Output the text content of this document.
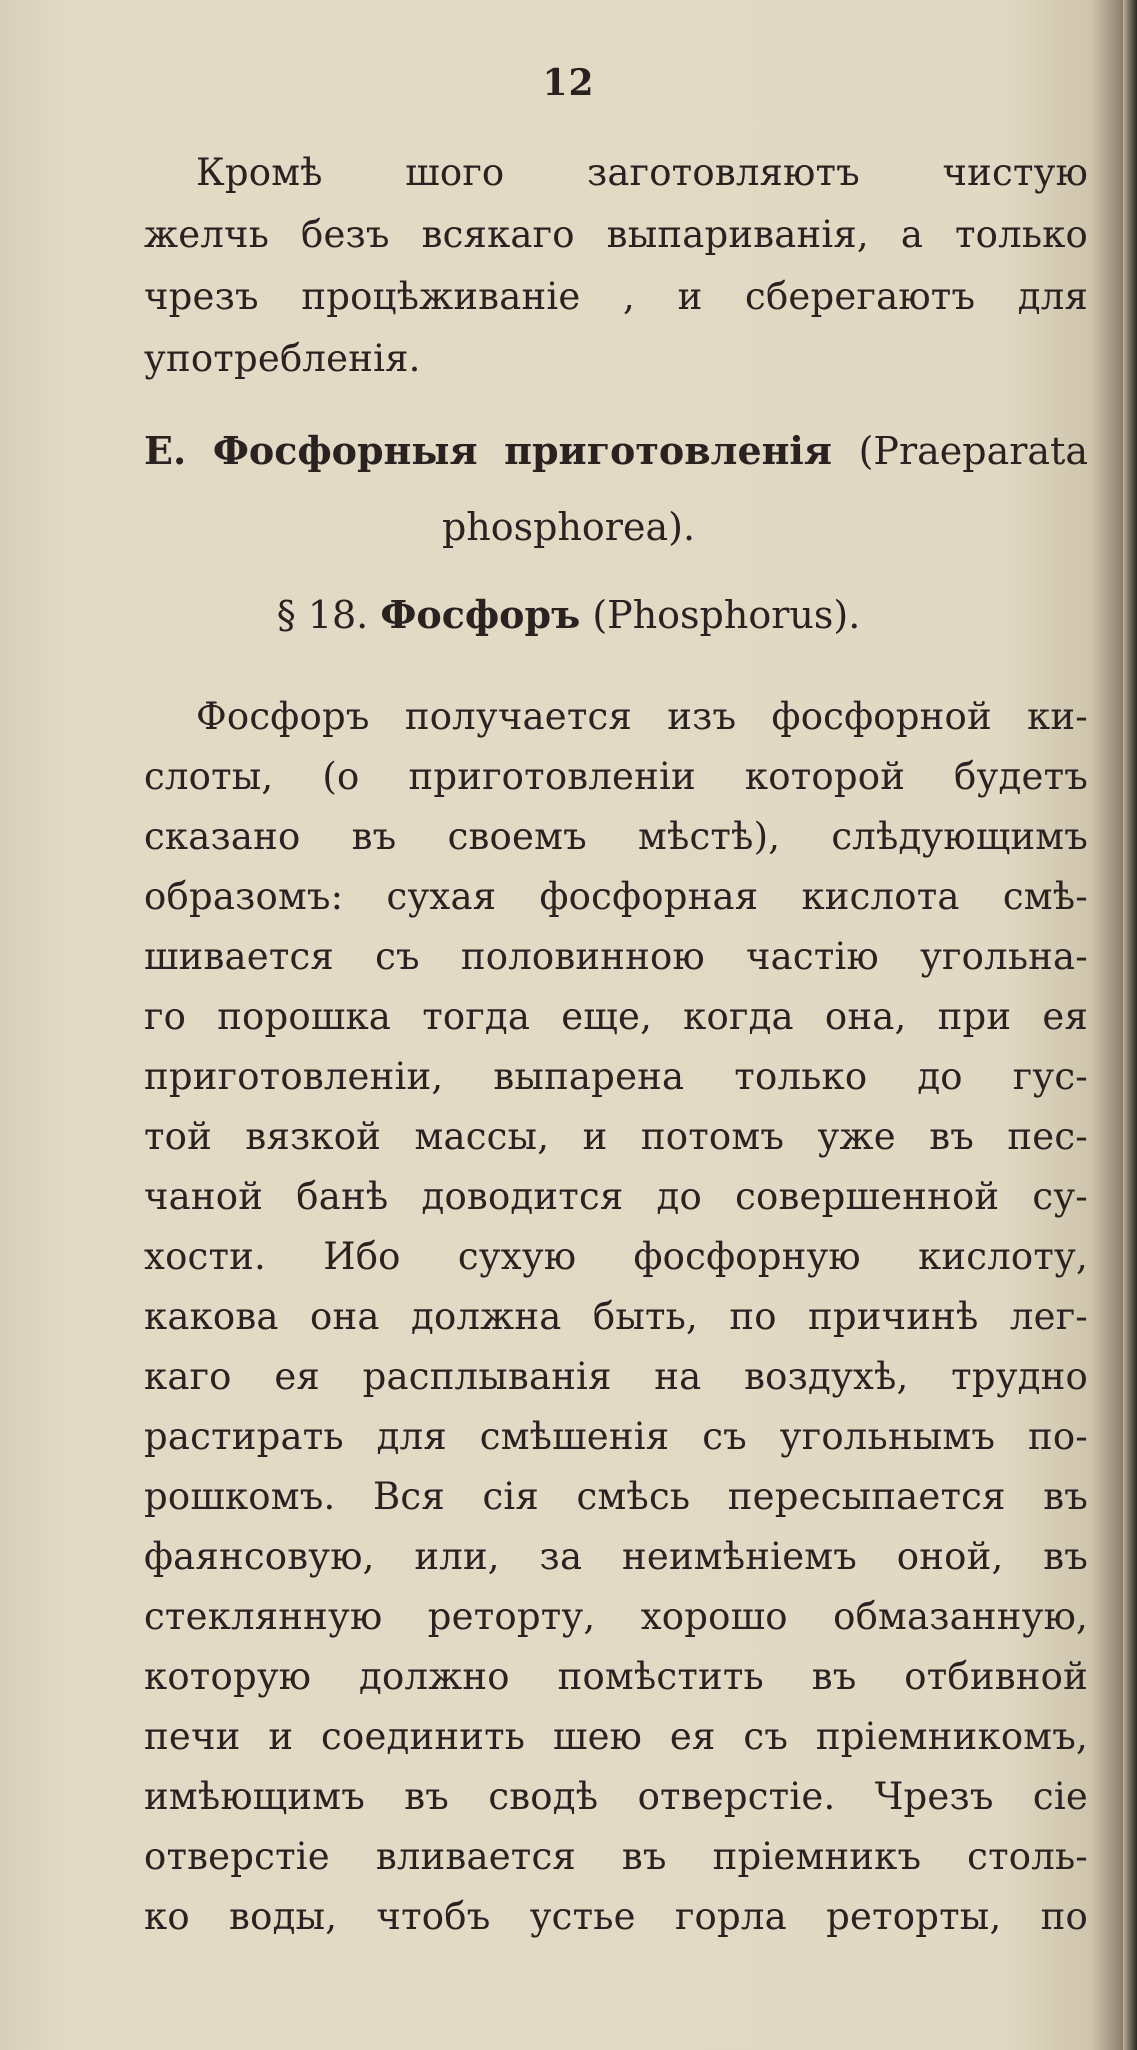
12
Кромѣ шого заготовляютъ чистую
желчь безъ всякаго выпариванія, а только
чрезъ процѣживаніе , и сберегаютъ для
употребленія.
E. Фосфорныя приготовленія (Praeparata
phosphorea).
§ 18. Фосфоръ (Phosphorus).
Фосфоръ получается изъ фосфорной ки-
слоты, (о приготовленіи которой будетъ
сказано въ своемъ мѣстѣ), слѣдующимъ
образомъ: сухая фосфорная кислота смѣ-
шивается съ половинною частію угольна-
го порошка тогда еще, когда она, при ея
приготовленіи, выпарена только до гус-
той вязкой массы, и потомъ уже въ пес-
чаной банѣ доводится до совершенной су-
хости. Ибо сухую фосфорную кислоту,
какова она должна быть, по причинѣ лег-
каго ея расплыванія на воздухѣ, трудно
растирать для смѣшенія съ угольнымъ по-
рошкомъ. Вся сія смѣсь пересыпается въ
фаянсовую, или, за неимѣніемъ оной, въ
стеклянную реторту, хорошо обмазанную,
которую должно помѣстить въ отбивной
печи и соединить шею ея съ пріемникомъ,
имѣющимъ въ сводѣ отверстіе. Чрезъ сіе
отверстіе вливается въ пріемникъ столь-
ко воды, чтобъ устье горла реторты, по
